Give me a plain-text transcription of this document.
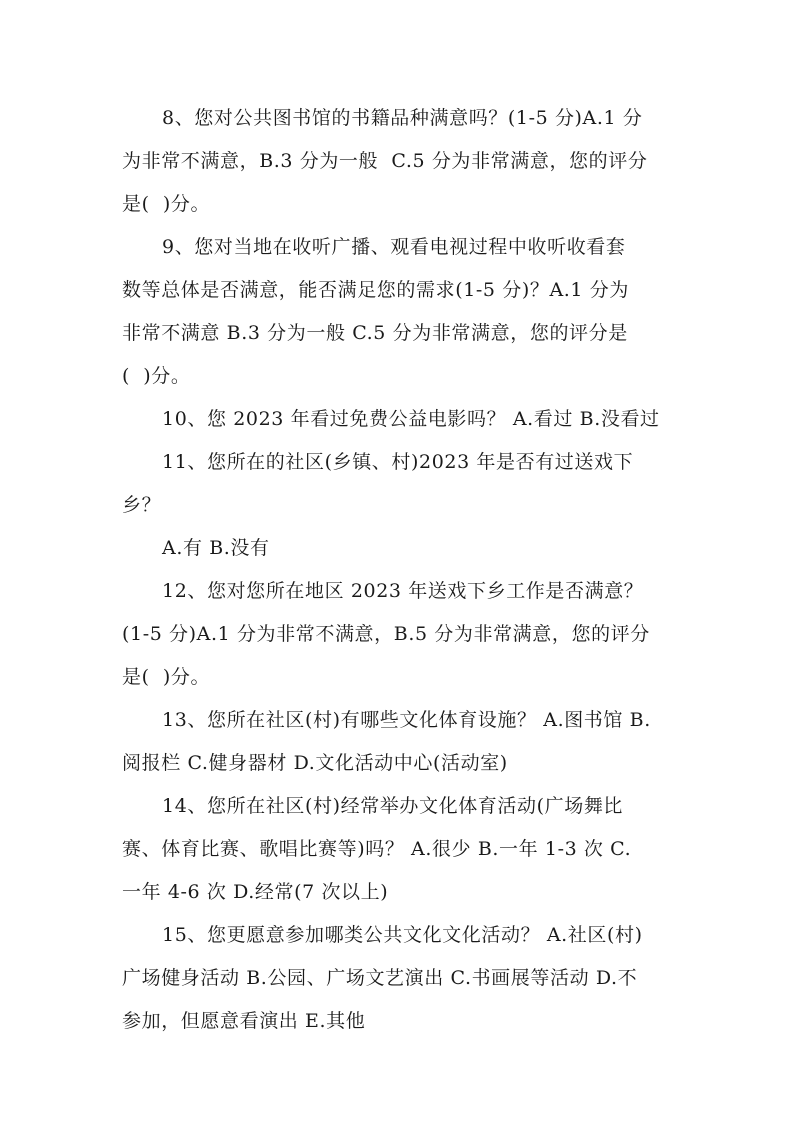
8、您对公共图书馆的书籍品种满意吗？(1-5 分)A.1 分
为非常不满意，B.3 分为一般  C.5 分为非常满意，您的评分
是(  )分。
9、您对当地在收听广播、观看电视过程中收听收看套
数等总体是否满意，能否满足您的需求(1-5 分)？A.1 分为
非常不满意 B.3 分为一般 C.5 分为非常满意，您的评分是
(  )分。
10、您 2023 年看过免费公益电影吗？ A.看过 B.没看过
11、您所在的社区(乡镇、村)2023 年是否有过送戏下
乡？
A.有 B.没有
12、您对您所在地区 2023 年送戏下乡工作是否满意？
(1-5 分)A.1 分为非常不满意，B.5 分为非常满意，您的评分
是(  )分。
13、您所在社区(村)有哪些文化体育设施？ A.图书馆 B.
阅报栏 C.健身器材 D.文化活动中心(活动室)
14、您所在社区(村)经常举办文化体育活动(广场舞比
赛、体育比赛、歌唱比赛等)吗？ A.很少 B.一年 1-3 次 C.
一年 4-6 次 D.经常(7 次以上)
15、您更愿意参加哪类公共文化文化活动？ A.社区(村)
广场健身活动 B.公园、广场文艺演出 C.书画展等活动 D.不
参加，但愿意看演出 E.其他
